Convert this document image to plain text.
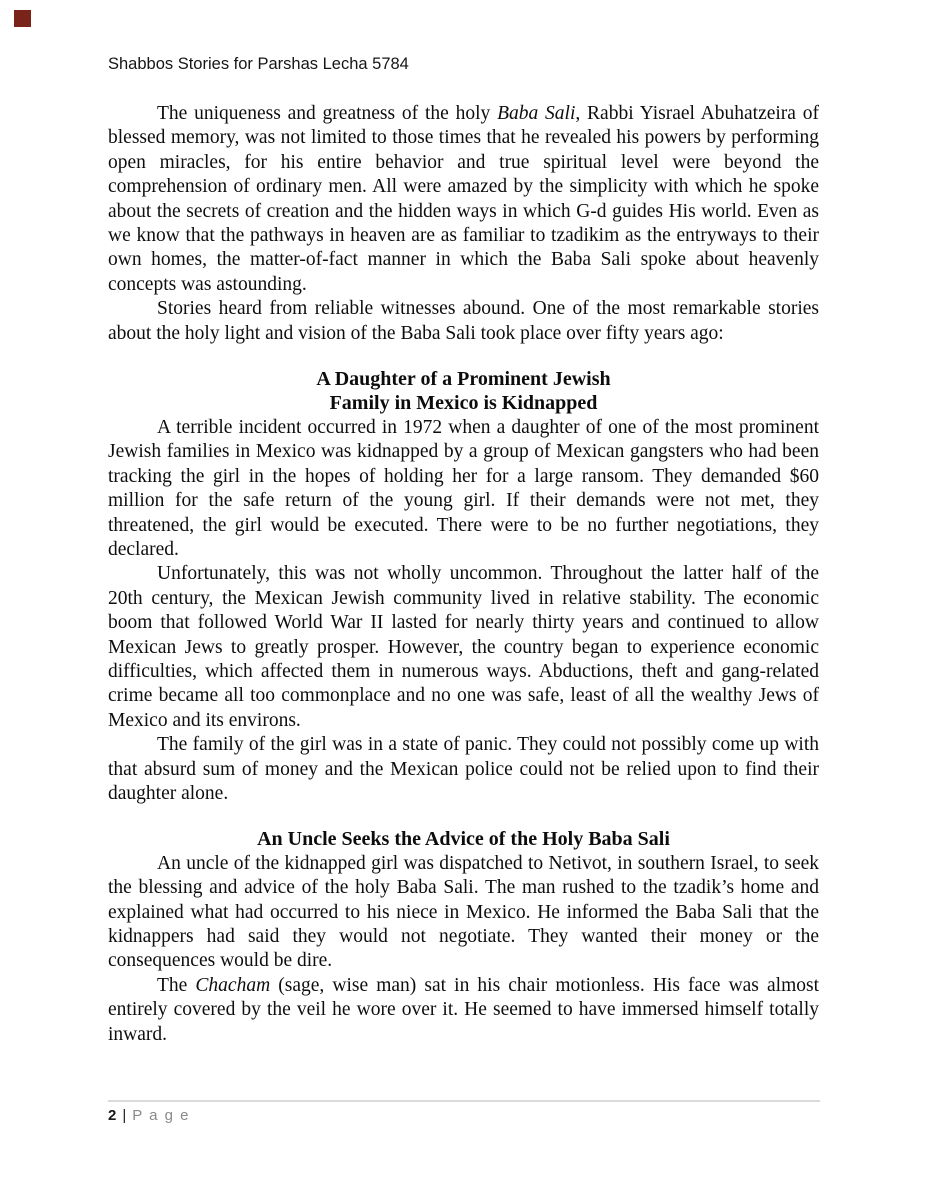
Shabbos Stories for Parshas Lecha 5784

The uniqueness and greatness of the holy Baba Sali, Rabbi Yisrael Abuhatzeira of blessed memory, was not limited to those times that he revealed his powers by performing open miracles, for his entire behavior and true spiritual level were beyond the comprehension of ordinary men. All were amazed by the simplicity with which he spoke about the secrets of creation and the hidden ways in which G-d guides His world. Even as we know that the pathways in heaven are as familiar to tzadikim as the entryways to their own homes, the matter-of-fact manner in which the Baba Sali spoke about heavenly concepts was astounding.

Stories heard from reliable witnesses abound. One of the most remarkable stories about the holy light and vision of the Baba Sali took place over fifty years ago:

A Daughter of a Prominent Jewish
Family in Mexico is Kidnapped

A terrible incident occurred in 1972 when a daughter of one of the most prominent Jewish families in Mexico was kidnapped by a group of Mexican gangsters who had been tracking the girl in the hopes of holding her for a large ransom. They demanded $60 million for the safe return of the young girl. If their demands were not met, they threatened, the girl would be executed. There were to be no further negotiations, they declared.

Unfortunately, this was not wholly uncommon. Throughout the latter half of the 20th century, the Mexican Jewish community lived in relative stability. The economic boom that followed World War II lasted for nearly thirty years and continued to allow Mexican Jews to greatly prosper. However, the country began to experience economic difficulties, which affected them in numerous ways. Abductions, theft and gang-related crime became all too commonplace and no one was safe, least of all the wealthy Jews of Mexico and its environs.

The family of the girl was in a state of panic. They could not possibly come up with that absurd sum of money and the Mexican police could not be relied upon to find their daughter alone.

An Uncle Seeks the Advice of the Holy Baba Sali

An uncle of the kidnapped girl was dispatched to Netivot, in southern Israel, to seek the blessing and advice of the holy Baba Sali. The man rushed to the tzadik’s home and explained what had occurred to his niece in Mexico. He informed the Baba Sali that the kidnappers had said they would not negotiate. They wanted their money or the consequences would be dire.

The Chacham (sage, wise man) sat in his chair motionless. His face was almost entirely covered by the veil he wore over it. He seemed to have immersed himself totally inward.

2 | P a g e
